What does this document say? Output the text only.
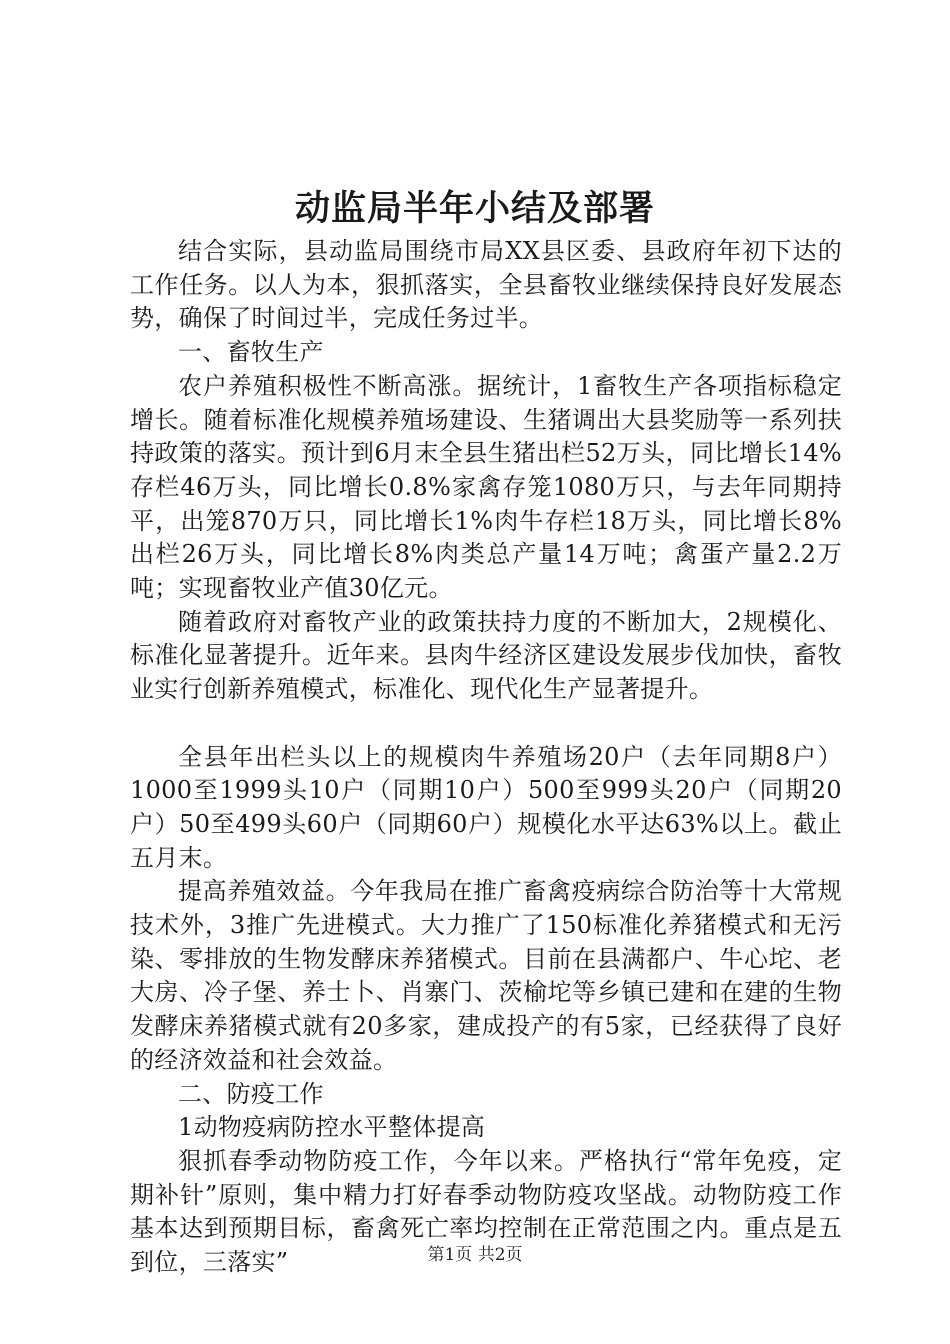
动监局半年小结及部署

结合实际，县动监局围绕市局XX县区委、县政府年初下达的工作任务。以人为本，狠抓落实，全县畜牧业继续保持良好发展态势，确保了时间过半，完成任务过半。

一、畜牧生产

农户养殖积极性不断高涨。据统计，1畜牧生产各项指标稳定增长。随着标准化规模养殖场建设、生猪调出大县奖励等一系列扶持政策的落实。预计到6月末全县生猪出栏52万头，同比增长14%存栏46万头，同比增长0.8%家禽存笼1080万只，与去年同期持平，出笼870万只，同比增长1%肉牛存栏18万头，同比增长8%出栏26万头，同比增长8%肉类总产量14万吨；禽蛋产量2.2万吨；实现畜牧业产值30亿元。

随着政府对畜牧产业的政策扶持力度的不断加大，2规模化、标准化显著提升。近年来。县肉牛经济区建设发展步伐加快，畜牧业实行创新养殖模式，标准化、现代化生产显著提升。

全县年出栏头以上的规模肉牛养殖场20户（去年同期8户）1000至1999头10户（同期10户）500至999头20户（同期20户）50至499头60户（同期60户）规模化水平达63%以上。截止五月末。

提高养殖效益。今年我局在推广畜禽疫病综合防治等十大常规技术外，3推广先进模式。大力推广了150标准化养猪模式和无污染、零排放的生物发酵床养猪模式。目前在县满都户、牛心坨、老大房、冷子堡、养士卜、肖寨门、茨榆坨等乡镇已建和在建的生物发酵床养猪模式就有20多家，建成投产的有5家，已经获得了良好的经济效益和社会效益。

二、防疫工作

1动物疫病防控水平整体提高

狠抓春季动物防疫工作，今年以来。严格执行“常年免疫，定期补针”原则，集中精力打好春季动物防疫攻坚战。动物防疫工作基本达到预期目标，畜禽死亡率均控制在正常范围之内。重点是五到位，三落实”	第1页 共2页
